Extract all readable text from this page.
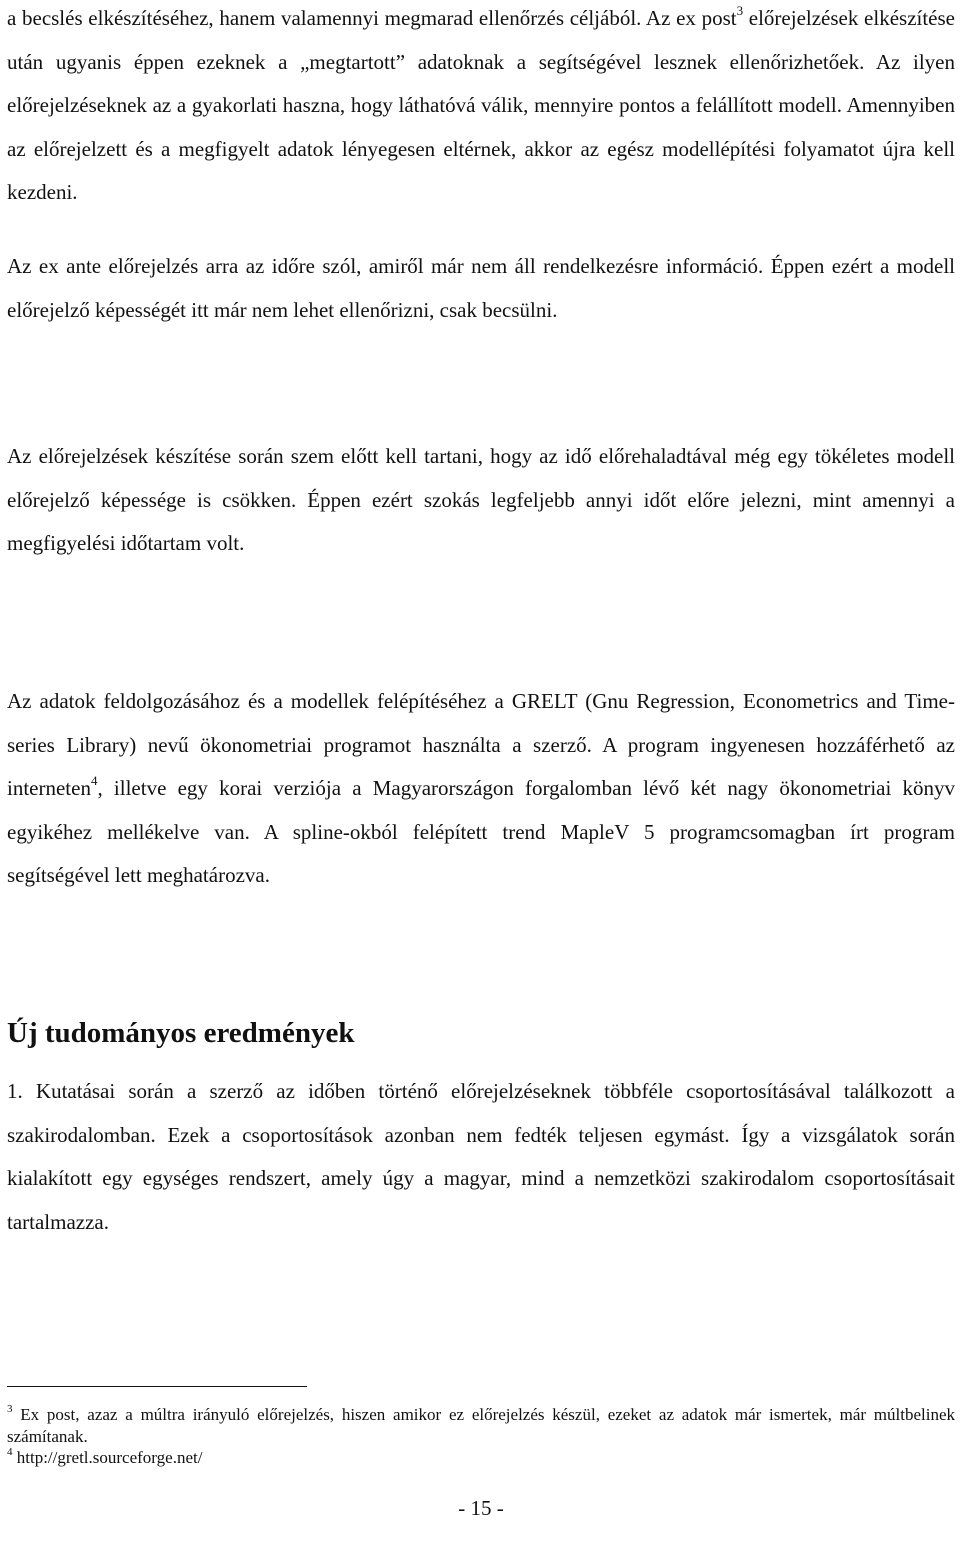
a becslés elkészítéséhez, hanem valamennyi megmarad ellenőrzés céljából. Az ex post$^3$ előrejelzések elkészítése után ugyanis éppen ezeknek a „megtartott” adatoknak a segítségével lesznek ellenőrizhetőek. Az ilyen előrejelzéseknek az a gyakorlati haszna, hogy láthatóvá válik, mennyire pontos a felállított modell. Amennyiben az előrejelzett és a megfigyelt adatok lényegesen eltérnek, akkor az egész modellépítési folyamatot újra kell kezdeni.

Az ex ante előrejelzés arra az időre szól, amiről már nem áll rendelkezésre információ. Éppen ezért a modell előrejelző képességét itt már nem lehet ellenőrizni, csak becsülni.

Az előrejelzések készítése során szem előtt kell tartani, hogy az idő előrehaladtával még egy tökéletes modell előrejelző képessége is csökken. Éppen ezért szokás legfeljebb annyi időt előre jelezni, mint amennyi a megfigyelési időtartam volt.

Az adatok feldolgozásához és a modellek felépítéséhez a GRELT (Gnu Regression, Econometrics and Time-series Library) nevű ökonometriai programot használta a szerző. A program ingyenesen hozzáférhető az interneten$^4$, illetve egy korai verziója a Magyarországon forgalomban lévő két nagy ökonometriai könyv egyikéhez mellékelve van. A spline-okból felépített trend MapleV 5 programcsomagban írt program segítségével lett meghatározva.

Új tudományos eredmények

1. Kutatásai során a szerző az időben történő előrejelzéseknek többféle csoportosításával találkozott a szakirodalomban. Ezek a csoportosítások azonban nem fedték teljesen egymást. Így a vizsgálatok során kialakított egy egységes rendszert, amely úgy a magyar, mind a nemzetközi szakirodalom csoportosításait tartalmazza.

$^3$ Ex post, azaz a múltra irányuló előrejelzés, hiszen amikor ez előrejelzés készül, ezeket az adatok már ismertek, már múltbelinek számítanak.

$^4$ http://gretl.sourceforge.net/

- 15 -
